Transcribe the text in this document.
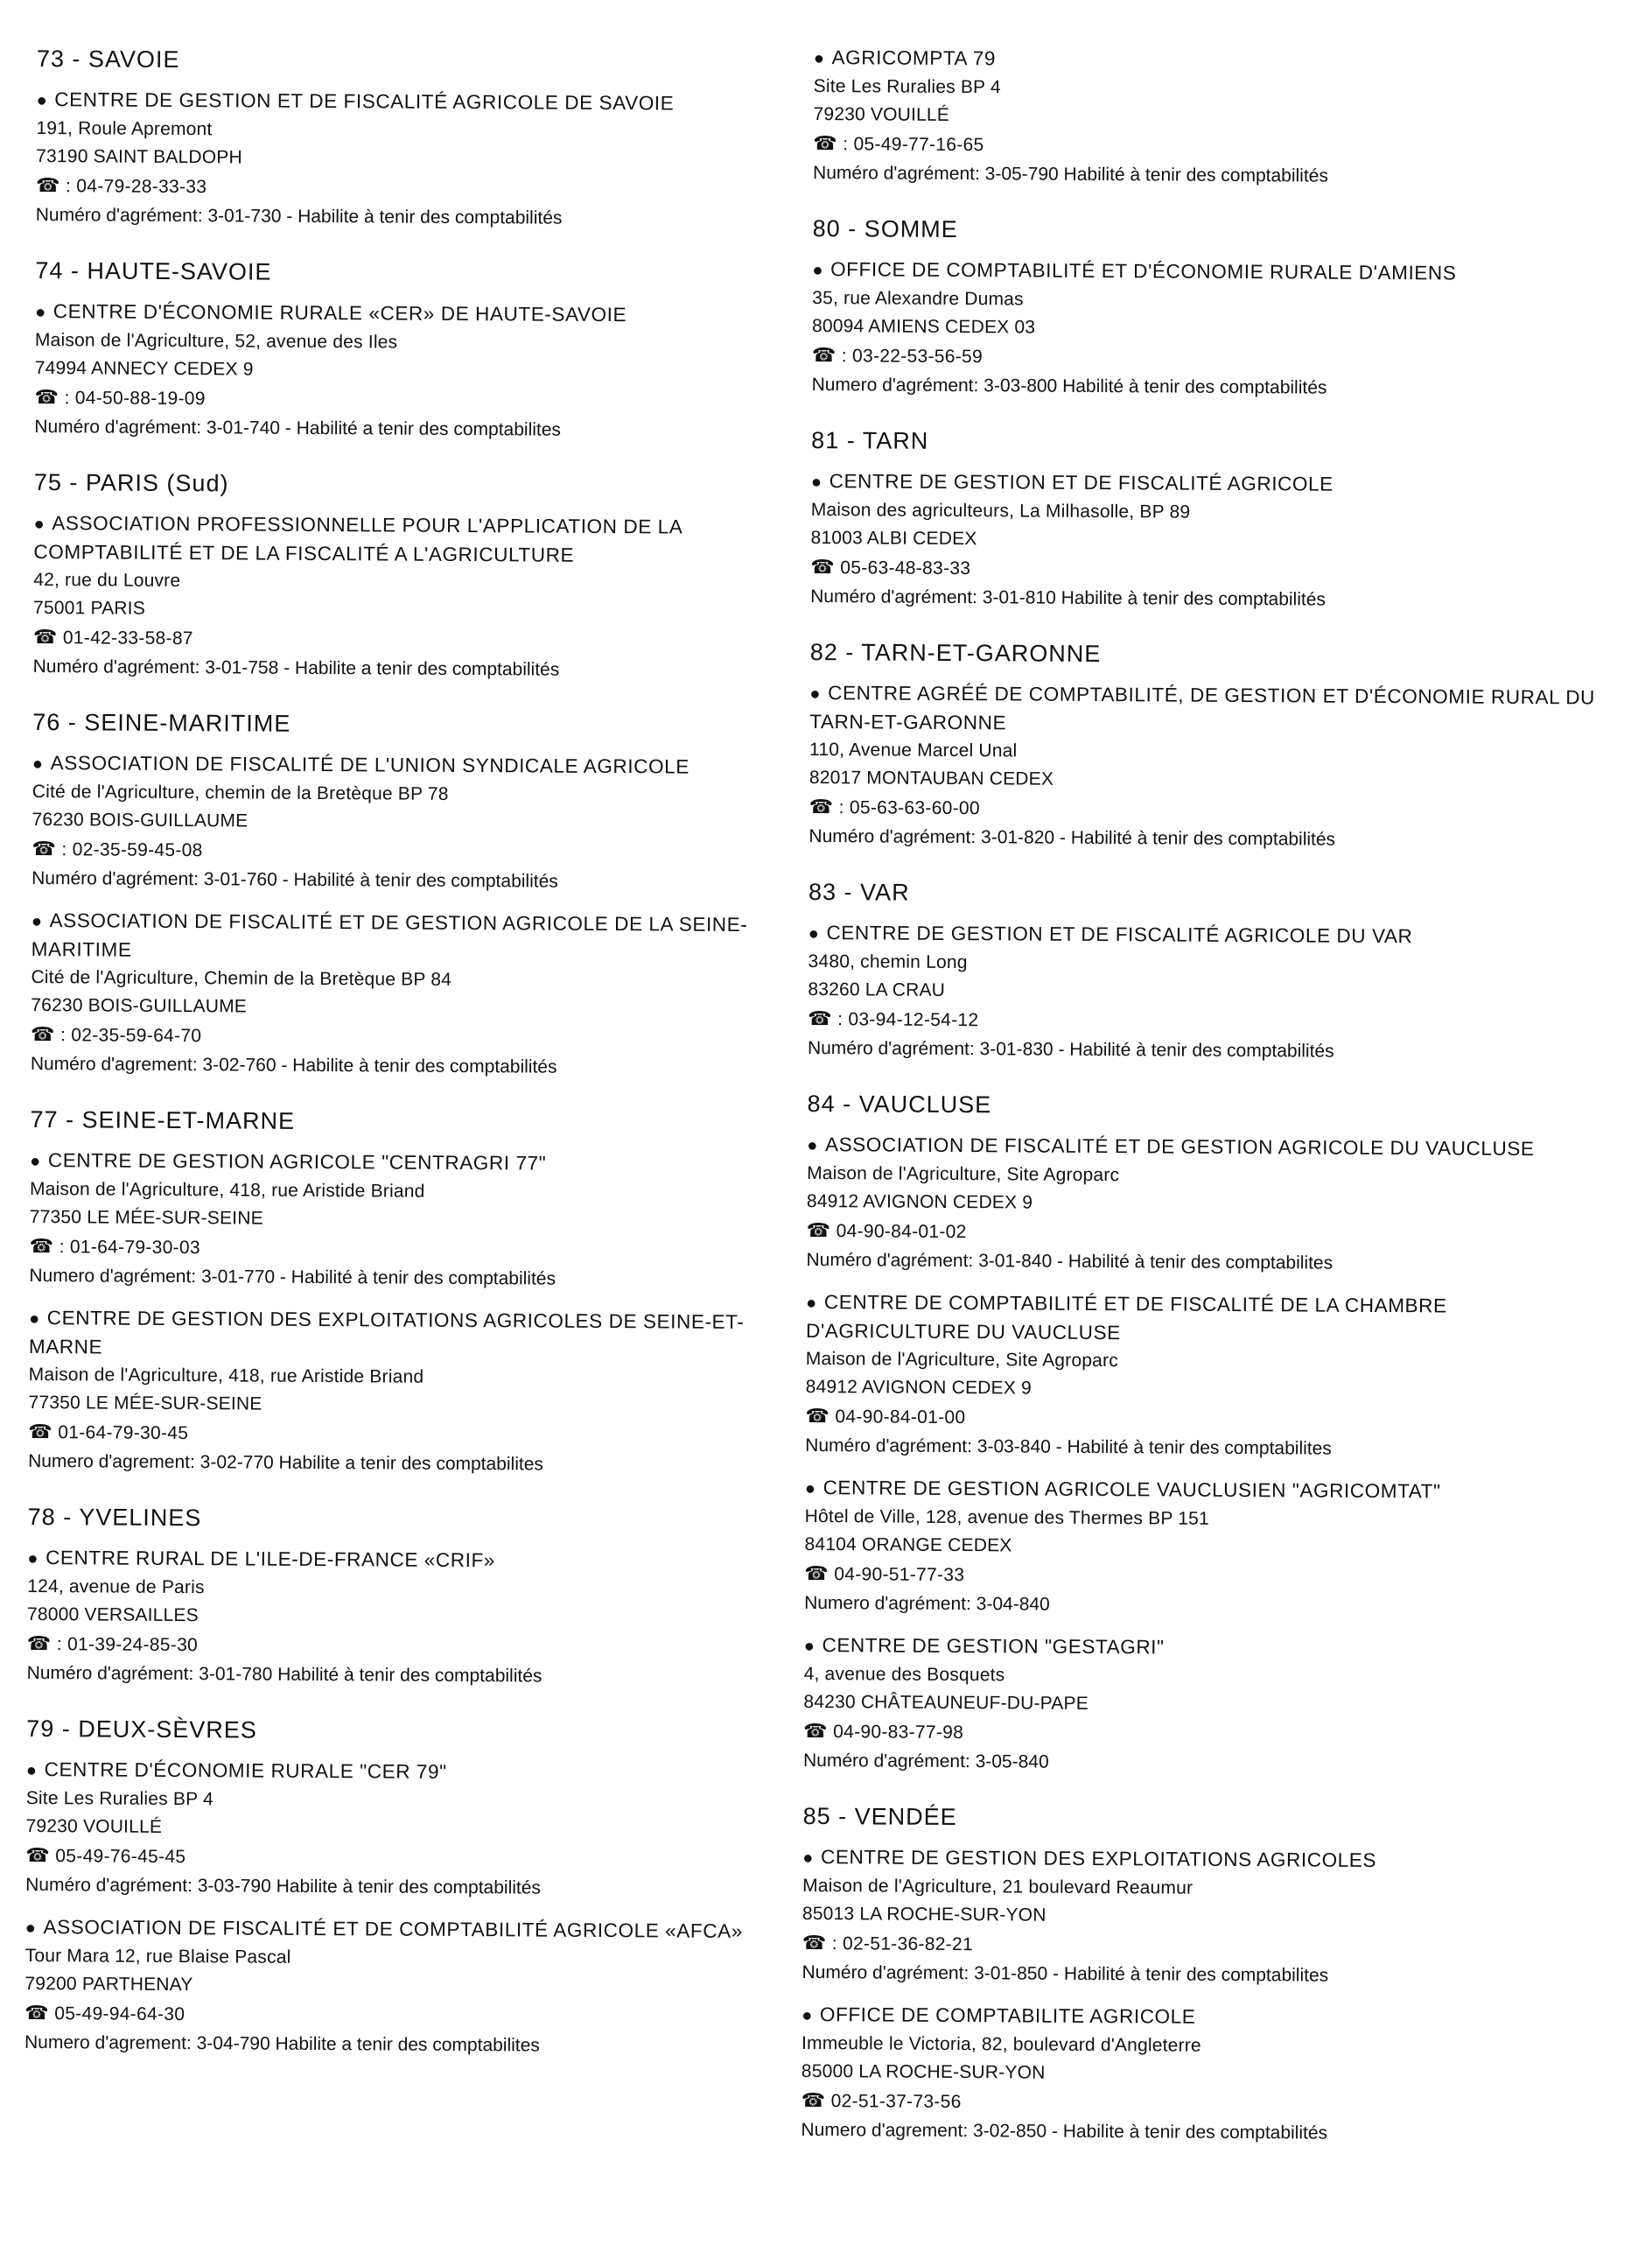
73 - SAVOIE
● CENTRE DE GESTION ET DE FISCALITÉ AGRICOLE DE SAVOIE
191, Roule Apremont
73190 SAINT BALDOPH
☎ : 04-79-28-33-33
Numéro d'agrément: 3-01-730 - Habilite à tenir des comptabilités
74 - HAUTE-SAVOIE
● CENTRE D'ÉCONOMIE RURALE «CER» DE HAUTE-SAVOIE
Maison de l'Agriculture, 52, avenue des Iles
74994 ANNECY CEDEX 9
☎ : 04-50-88-19-09
Numéro d'agrément: 3-01-740 - Habilité a tenir des comptabilites
75 - PARIS (Sud)
● ASSOCIATION PROFESSIONNELLE POUR L'APPLICATION DE LA COMPTABILITÉ ET DE LA FISCALITÉ A L'AGRICULTURE
42, rue du Louvre
75001 PARIS
☎ 01-42-33-58-87
Numéro d'agrément: 3-01-758 - Habilite a tenir des comptabilités
76 - SEINE-MARITIME
● ASSOCIATION DE FISCALITÉ DE L'UNION SYNDICALE AGRICOLE
Cité de l'Agriculture, chemin de la Bretèque BP 78
76230 BOIS-GUILLAUME
☎ : 02-35-59-45-08
Numéro d'agrément: 3-01-760 - Habilité à tenir des comptabilités
● ASSOCIATION DE FISCALITÉ ET DE GESTION AGRICOLE DE LA SEINE-MARITIME
Cité de l'Agriculture, Chemin de la Bretèque BP 84
76230 BOIS-GUILLAUME
☎ : 02-35-59-64-70
Numéro d'agrement: 3-02-760 - Habilite à tenir des comptabilités
77 - SEINE-ET-MARNE
● CENTRE DE GESTION AGRICOLE "CENTRAGRI 77"
Maison de l'Agriculture, 418, rue Aristide Briand
77350 LE MÉE-SUR-SEINE
☎ : 01-64-79-30-03
Numero d'agrément: 3-01-770 - Habilité à tenir des comptabilités
● CENTRE DE GESTION DES EXPLOITATIONS AGRICOLES DE SEINE-ET-MARNE
Maison de l'Agriculture, 418, rue Aristide Briand
77350 LE MÉE-SUR-SEINE
☎ 01-64-79-30-45
Numero d'agrement: 3-02-770 Habilite a tenir des comptabilites
78 - YVELINES
● CENTRE RURAL DE L'ILE-DE-FRANCE «CRIF»
124, avenue de Paris
78000 VERSAILLES
☎ : 01-39-24-85-30
Numéro d'agrément: 3-01-780 Habilité à tenir des comptabilités
79 - DEUX-SÈVRES
● CENTRE D'ÉCONOMIE RURALE "CER 79"
Site Les Ruralies BP 4
79230 VOUILLÉ
☎ 05-49-76-45-45
Numéro d'agrément: 3-03-790 Habilite à tenir des comptabilités
● ASSOCIATION DE FISCALITÉ ET DE COMPTABILITÉ AGRICOLE «AFCA»
Tour Mara 12, rue Blaise Pascal
79200 PARTHENAY
☎ 05-49-94-64-30
Numero d'agrement: 3-04-790 Habilite a tenir des comptabilites
● AGRICOMPTA 79
Site Les Ruralies BP 4
79230 VOUILLÉ
☎ : 05-49-77-16-65
Numéro d'agrément: 3-05-790 Habilité à tenir des comptabilités
80 - SOMME
● OFFICE DE COMPTABILITÉ ET D'ÉCONOMIE RURALE D'AMIENS
35, rue Alexandre Dumas
80094 AMIENS CEDEX 03
☎ : 03-22-53-56-59
Numero d'agrément: 3-03-800 Habilité à tenir des comptabilités
81 - TARN
● CENTRE DE GESTION ET DE FISCALITÉ AGRICOLE
Maison des agriculteurs, La Milhasolle, BP 89
81003 ALBI CEDEX
☎ 05-63-48-83-33
Numéro d'agrément: 3-01-810 Habilite à tenir des comptabilités
82 - TARN-ET-GARONNE
● CENTRE AGRÉÉ DE COMPTABILITÉ, DE GESTION ET D'ÉCONOMIE RURAL DU TARN-ET-GARONNE
110, Avenue Marcel Unal
82017 MONTAUBAN CEDEX
☎ : 05-63-63-60-00
Numéro d'agrément: 3-01-820 - Habilité à tenir des comptabilités
83 - VAR
● CENTRE DE GESTION ET DE FISCALITÉ AGRICOLE DU VAR
3480, chemin Long
83260 LA CRAU
☎ : 03-94-12-54-12
Numéro d'agrément: 3-01-830 - Habilité à tenir des comptabilités
84 - VAUCLUSE
● ASSOCIATION DE FISCALITÉ ET DE GESTION AGRICOLE DU VAUCLUSE
Maison de l'Agriculture, Site Agroparc
84912 AVIGNON CEDEX 9
☎ 04-90-84-01-02
Numéro d'agrément: 3-01-840 - Habilité à tenir des comptabilites
● CENTRE DE COMPTABILITÉ ET DE FISCALITÉ DE LA CHAMBRE D'AGRICULTURE DU VAUCLUSE
Maison de l'Agriculture, Site Agroparc
84912 AVIGNON CEDEX 9
☎ 04-90-84-01-00
Numéro d'agrément: 3-03-840 - Habilité à tenir des comptabilites
● CENTRE DE GESTION AGRICOLE VAUCLUSIEN "AGRICOMTAT"
Hôtel de Ville, 128, avenue des Thermes BP 151
84104 ORANGE CEDEX
☎ 04-90-51-77-33
Numero d'agrément: 3-04-840
● CENTRE DE GESTION "GESTAGRI"
4, avenue des Bosquets
84230 CHÂTEAUNEUF-DU-PAPE
☎ 04-90-83-77-98
Numéro d'agrément: 3-05-840
85 - VENDÉE
● CENTRE DE GESTION DES EXPLOITATIONS AGRICOLES
Maison de l'Agriculture, 21 boulevard Reaumur
85013 LA ROCHE-SUR-YON
☎ : 02-51-36-82-21
Numéro d'agrément: 3-01-850 - Habilité à tenir des comptabilites
● OFFICE DE COMPTABILITE AGRICOLE
Immeuble le Victoria, 82, boulevard d'Angleterre
85000 LA ROCHE-SUR-YON
☎ 02-51-37-73-56
Numero d'agrement: 3-02-850 - Habilite à tenir des comptabilités
